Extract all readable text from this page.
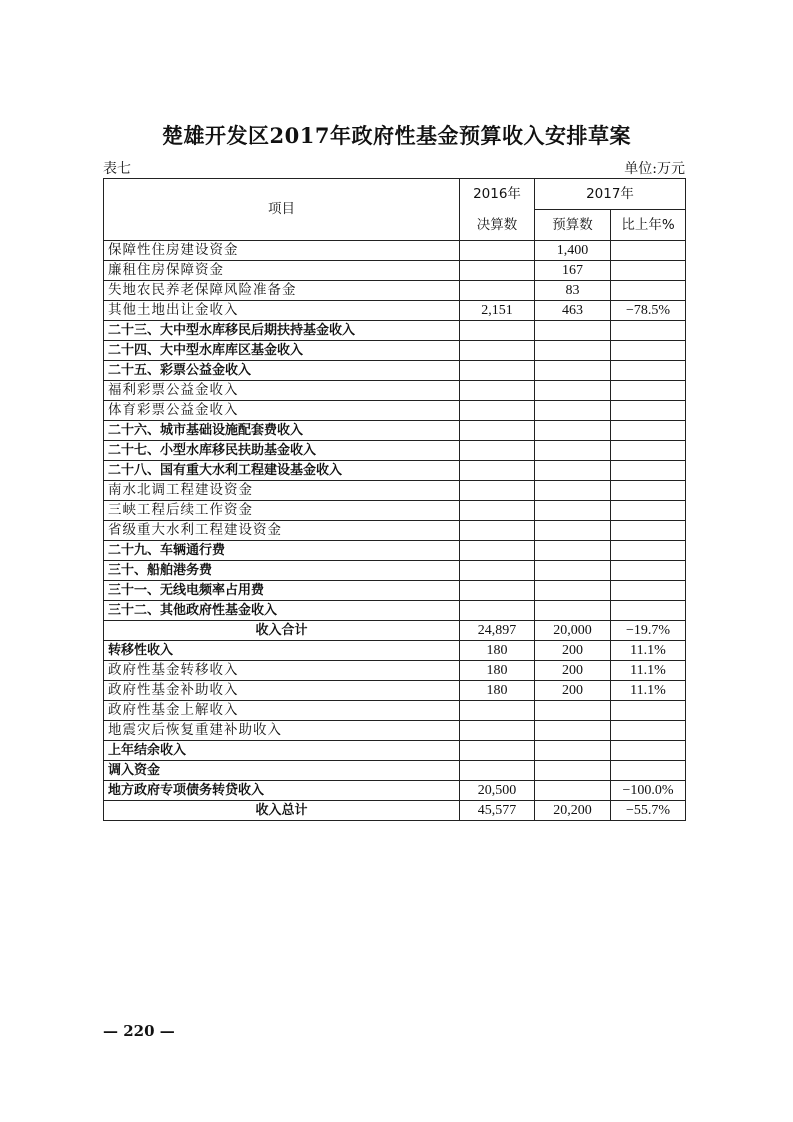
楚雄开发区2017年政府性基金预算收入安排草案
表七	单位:万元
项目	2016年	2017年	
	决算数	预算数	比上年%
保障性住房建设资金		1,400	
廉租住房保障资金		167	
失地农民养老保障风险准备金		83	
其他土地出让金收入	2,151	463	−78.5%
二十三、大中型水库移民后期扶持基金收入			
二十四、大中型水库库区基金收入			
二十五、彩票公益金收入			
福利彩票公益金收入			
体育彩票公益金收入			
二十六、城市基础设施配套费收入			
二十七、小型水库移民扶助基金收入			
二十八、国有重大水利工程建设基金收入			
南水北调工程建设资金			
三峡工程后续工作资金			
省级重大水利工程建设资金			
二十九、车辆通行费			
三十、船舶港务费			
三十一、无线电频率占用费			
三十二、其他政府性基金收入			
收入合计	24,897	20,000	−19.7%
转移性收入	180	200	11.1%
政府性基金转移收入	180	200	11.1%
政府性基金补助收入	180	200	11.1%
政府性基金上解收入			
地震灾后恢复重建补助收入			
上年结余收入			
调入资金			
地方政府专项债务转贷收入	20,500		−100.0%
收入总计	45,577	20,200	−55.7%
— 220 —
